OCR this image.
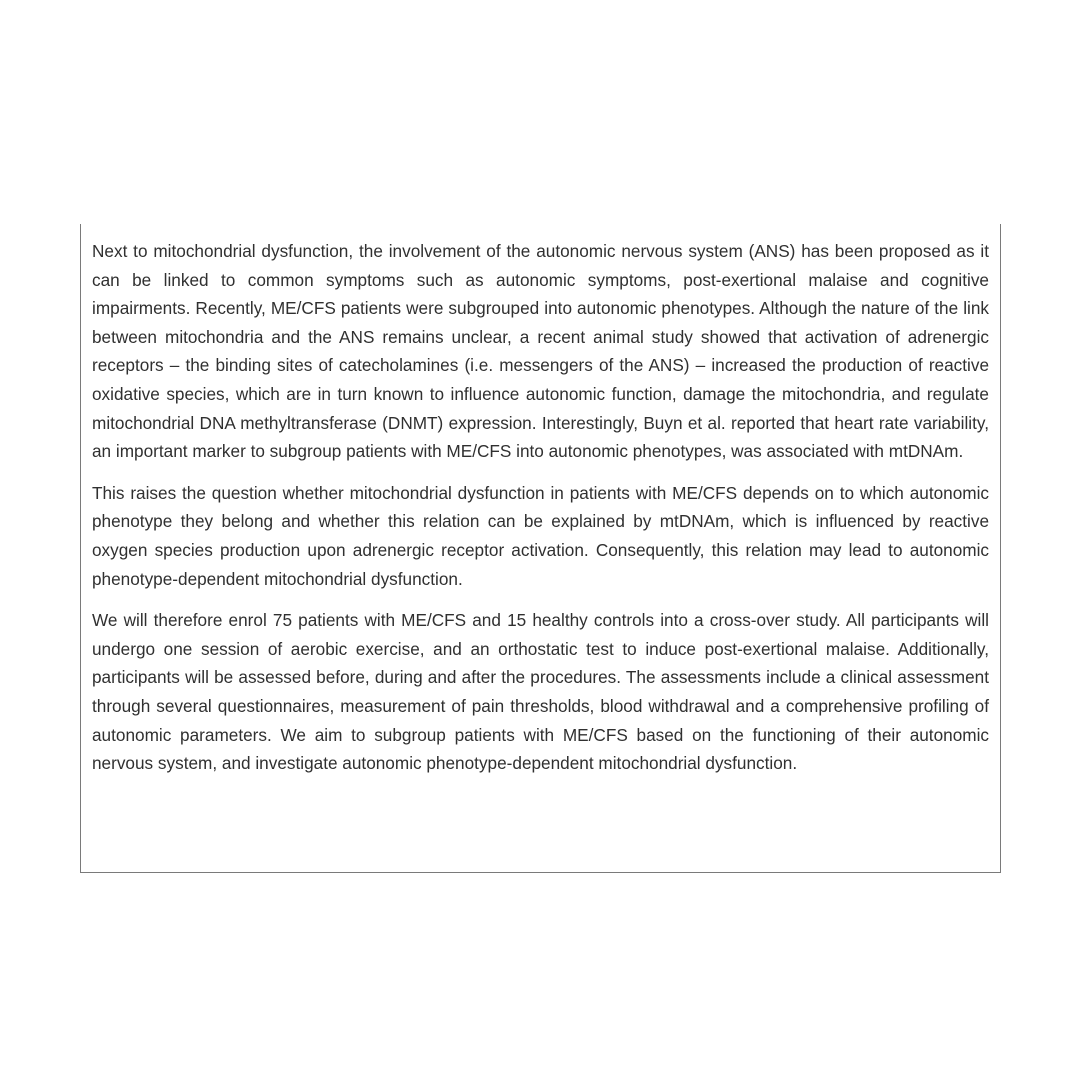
Next to mitochondrial dysfunction, the involvement of the autonomic nervous system (ANS) has been proposed as it can be linked to common symptoms such as autonomic symptoms, post-exertional malaise and cognitive impairments. Recently, ME/CFS patients were subgrouped into autonomic phenotypes. Although the nature of the link between mitochondria and the ANS remains unclear, a recent animal study showed that activation of adrenergic receptors – the binding sites of catecholamines (i.e. messengers of the ANS) – increased the production of reactive oxidative species, which are in turn known to influence autonomic function, damage the mitochondria, and regulate mitochondrial DNA methyltransferase (DNMT) expression. Interestingly, Buyn et al. reported that heart rate variability, an important marker to subgroup patients with ME/CFS into autonomic phenotypes, was associated with mtDNAm.

This raises the question whether mitochondrial dysfunction in patients with ME/CFS depends on to which autonomic phenotype they belong and whether this relation can be explained by mtDNAm, which is influenced by reactive oxygen species production upon adrenergic receptor activation. Consequently, this relation may lead to autonomic phenotype-dependent mitochondrial dysfunction.

We will therefore enrol 75 patients with ME/CFS and 15 healthy controls into a cross-over study. All participants will undergo one session of aerobic exercise, and an orthostatic test to induce post-exertional malaise. Additionally, participants will be assessed before, during and after the procedures. The assessments include a clinical assessment through several questionnaires, measurement of pain thresholds, blood withdrawal and a comprehensive profiling of autonomic parameters. We aim to subgroup patients with ME/CFS based on the functioning of their autonomic nervous system, and investigate autonomic phenotype-dependent mitochondrial dysfunction.
